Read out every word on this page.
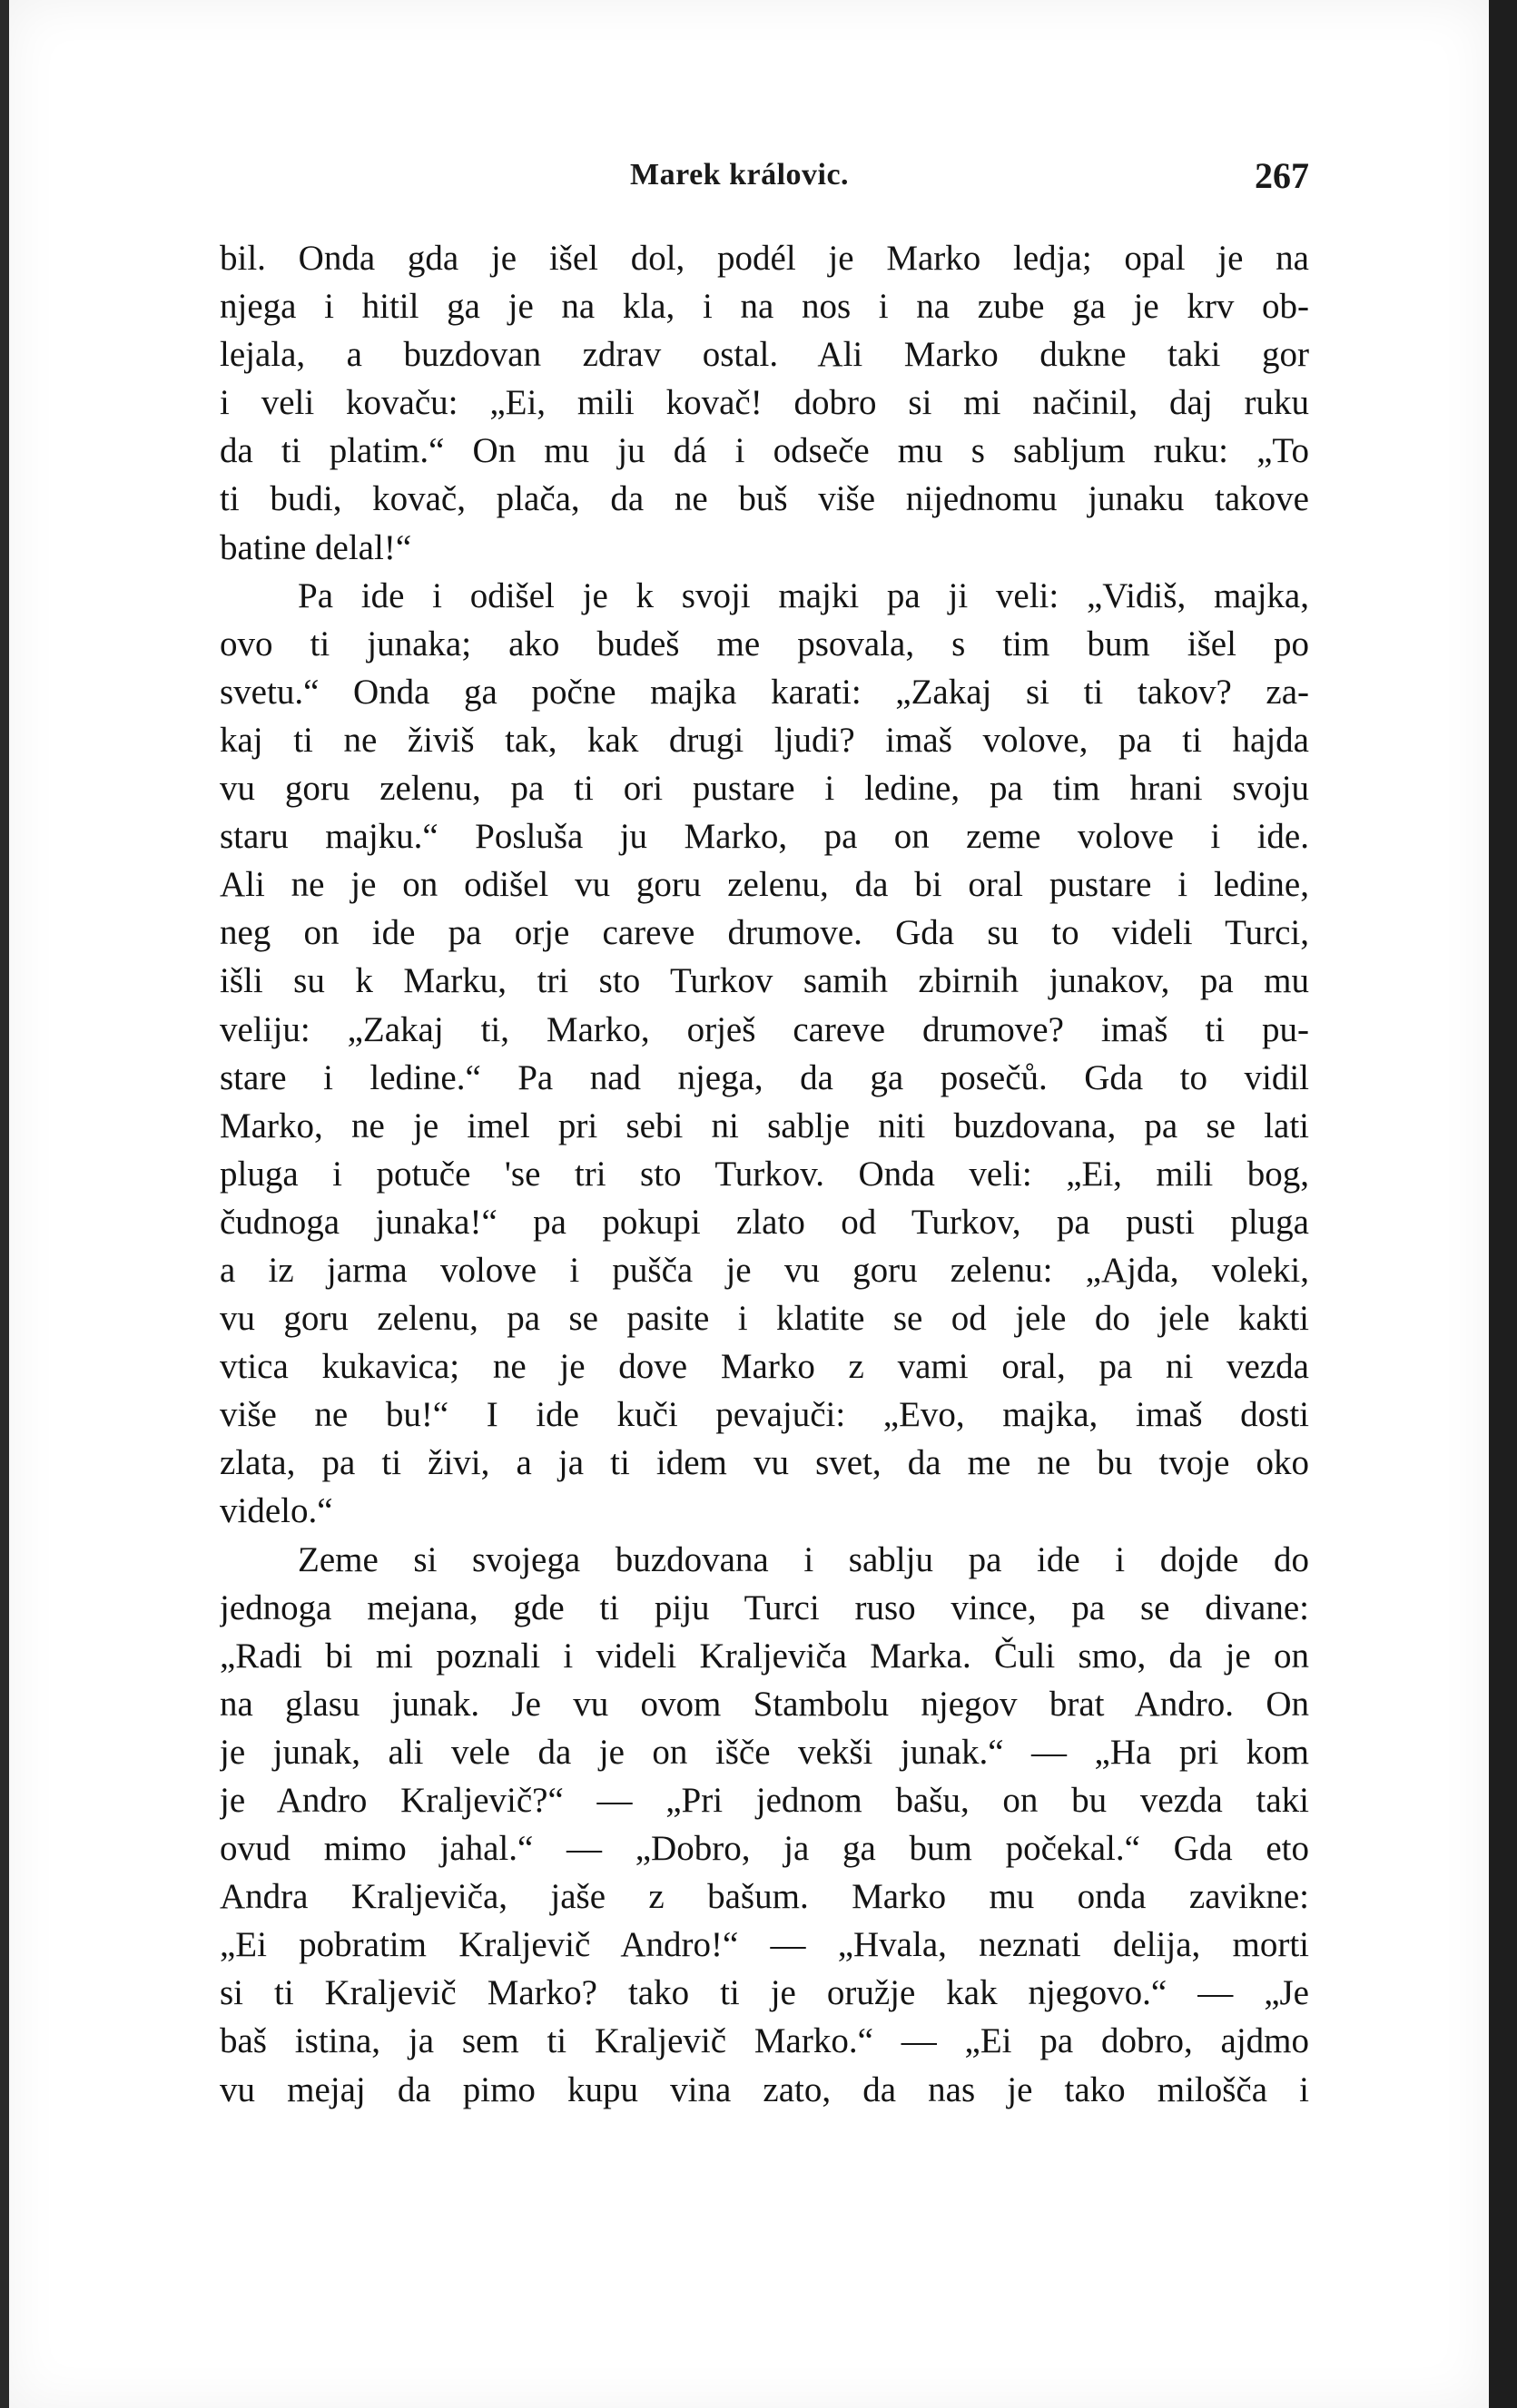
Marek královic.	267
bil. Onda gda je išel dol, podél je Marko ledja; opal je na
njega i hitil ga je na kla, i na nos i na zube ga je krv ob-
lejala, a buzdovan zdrav ostal. Ali Marko dukne taki gor
i veli kovaču: „Ei, mili kovač! dobro si mi načinil, daj ruku
da ti platim.“ On mu ju dá i odseče mu s sabljum ruku: „To
ti budi, kovač, plača, da ne buš više nijednomu junaku takove
batine delal!“
Pa ide i odišel je k svoji majki pa ji veli: „Vidiš, majka,
ovo ti junaka; ako budeš me psovala, s tim bum išel po
svetu.“ Onda ga počne majka karati: „Zakaj si ti takov? za-
kaj ti ne živiš tak, kak drugi ljudi? imaš volove, pa ti hajda
vu goru zelenu, pa ti ori pustare i ledine, pa tim hrani svoju
staru majku.“ Posluša ju Marko, pa on zeme volove i ide.
Ali ne je on odišel vu goru zelenu, da bi oral pustare i ledine,
neg on ide pa orje careve drumove. Gda su to videli Turci,
išli su k Marku, tri sto Turkov samih zbirnih junakov, pa mu
veliju: „Zakaj ti, Marko, orješ careve drumove? imaš ti pu-
stare i ledine.“ Pa nad njega, da ga posečů. Gda to vidil
Marko, ne je imel pri sebi ni sablje niti buzdovana, pa se lati
pluga i potuče 'se tri sto Turkov. Onda veli: „Ei, mili bog,
čudnoga junaka!“ pa pokupi zlato od Turkov, pa pusti pluga
a iz jarma volove i pušča je vu goru zelenu: „Ajda, voleki,
vu goru zelenu, pa se pasite i klatite se od jele do jele kakti
vtica kukavica; ne je dove Marko z vami oral, pa ni vezda
više ne bu!“ I ide kuči pevajuči: „Evo, majka, imaš dosti
zlata, pa ti živi, a ja ti idem vu svet, da me ne bu tvoje oko
videlo.“
Zeme si svojega buzdovana i sablju pa ide i dojde do
jednoga mejana, gde ti piju Turci ruso vince, pa se divane:
„Radi bi mi poznali i videli Kraljeviča Marka. Čuli smo, da je on
na glasu junak. Je vu ovom Stambolu njegov brat Andro. On
je junak, ali vele da je on išče vekši junak.“ — „Ha pri kom
je Andro Kraljevič?“ — „Pri jednom bašu, on bu vezda taki
ovud mimo jahal.“ — „Dobro, ja ga bum počekal.“ Gda eto
Andra Kraljeviča, jaše z bašum. Marko mu onda zavikne:
„Ei pobratim Kraljevič Andro!“ — „Hvala, neznati delija, morti
si ti Kraljevič Marko? tako ti je oružje kak njegovo.“ — „Je
baš istina, ja sem ti Kraljevič Marko.“ — „Ei pa dobro, ajdmo
vu mejaj da pimo kupu vina zato, da nas je tako milošča i
